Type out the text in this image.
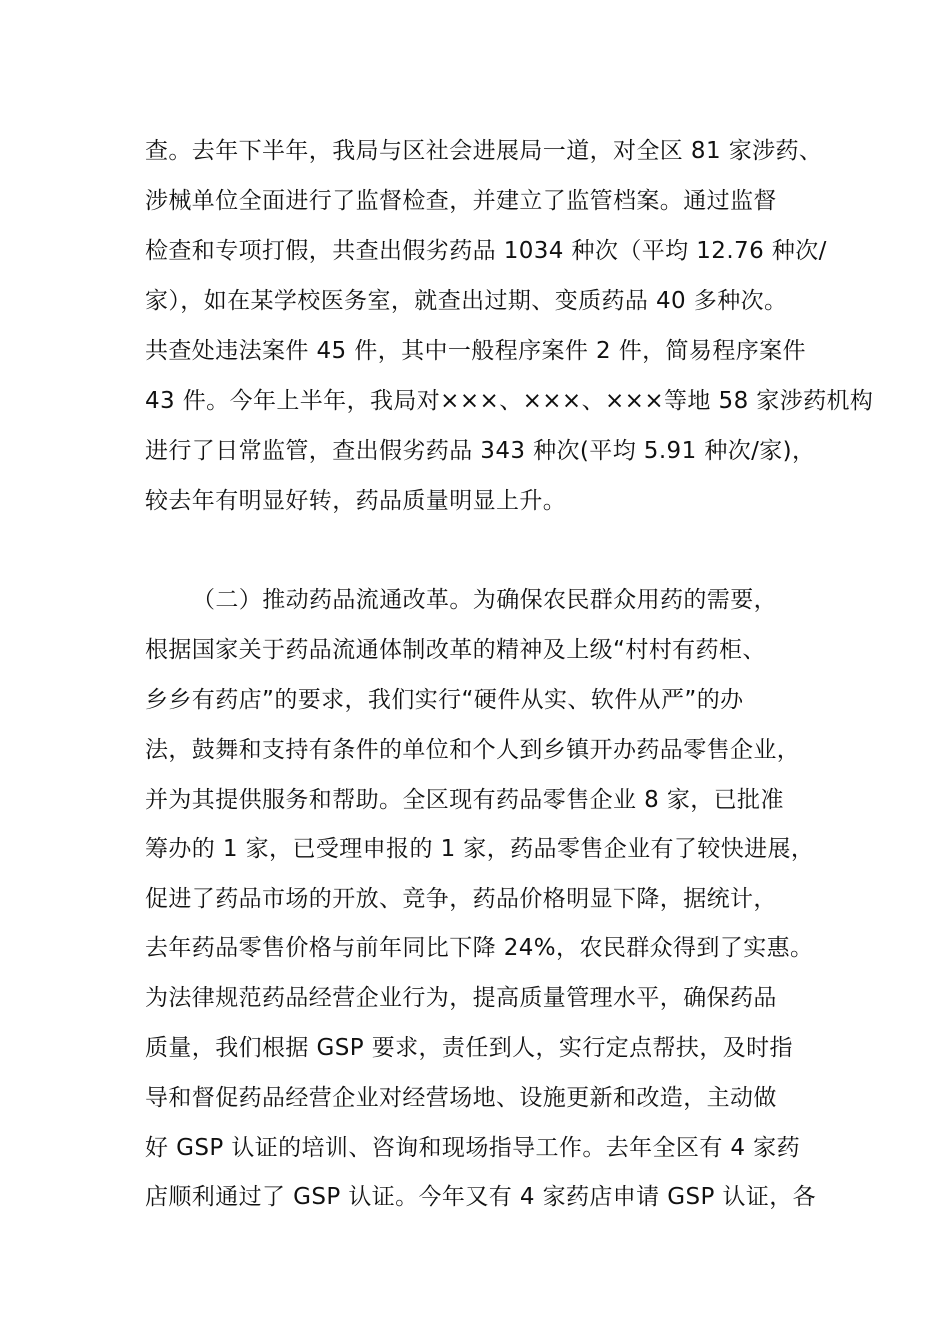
查。去年下半年，我局与区社会进展局一道，对全区 81 家涉药、
涉械单位全面进行了监督检查，并建立了监管档案。通过监督
检查和专项打假，共查出假劣药品 1034 种次（平均 12.76 种次/
家），如在某学校医务室，就查出过期、变质药品 40 多种次。
共查处违法案件 45 件，其中一般程序案件 2 件，简易程序案件
43 件。今年上半年，我局对×××、×××、×××等地 58 家涉药机构
进行了日常监管，查出假劣药品 343 种次(平均 5.91 种次/家)，
较去年有明显好转，药品质量明显上升。
（二）推动药品流通改革。为确保农民群众用药的需要，
根据国家关于药品流通体制改革的精神及上级“村村有药柜、
乡乡有药店”的要求，我们实行“硬件从实、软件从严”的办
法，鼓舞和支持有条件的单位和个人到乡镇开办药品零售企业，
并为其提供服务和帮助。全区现有药品零售企业 8 家，已批准
筹办的 1 家，已受理申报的 1 家，药品零售企业有了较快进展，
促进了药品市场的开放、竞争，药品价格明显下降，据统计，
去年药品零售价格与前年同比下降 24%，农民群众得到了实惠。
为法律规范药品经营企业行为，提高质量管理水平，确保药品
质量，我们根据 GSP 要求，责任到人，实行定点帮扶，及时指
导和督促药品经营企业对经营场地、设施更新和改造，主动做
好 GSP 认证的培训、咨询和现场指导工作。去年全区有 4 家药
店顺利通过了 GSP 认证。今年又有 4 家药店申请 GSP 认证，各
